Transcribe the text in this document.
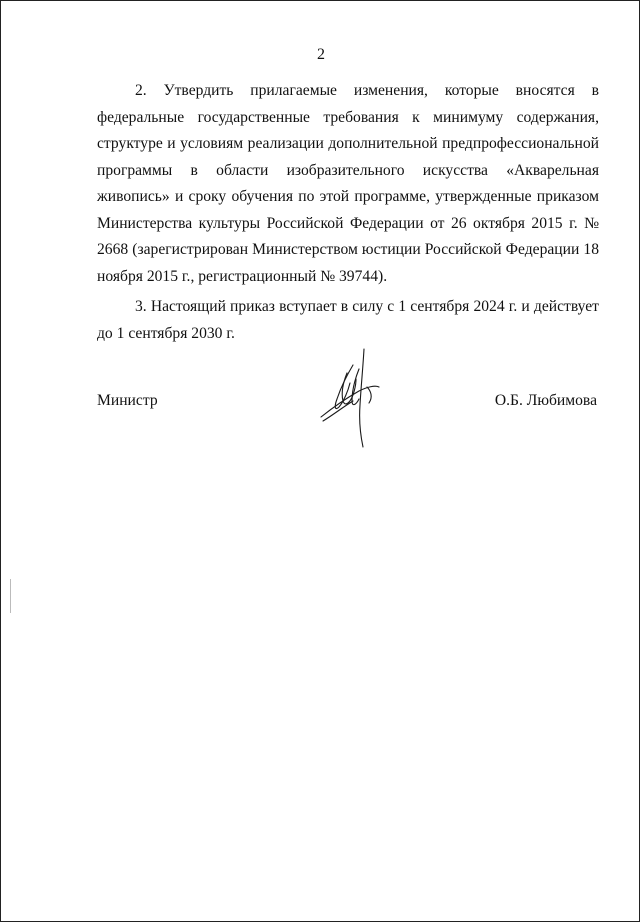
2

2. Утвердить прилагаемые изменения, которые вносятся в федеральные государственные требования к минимуму содержания, структуре и условиям реализации дополнительной предпрофессиональной программы в области изобразительного искусства «Акварельная живопись» и сроку обучения по этой программе, утвержденные приказом Министерства культуры Российской Федерации от 26 октября 2015 г. № 2668 (зарегистрирован Министерством юстиции Российской Федерации 18 ноября 2015 г., регистрационный № 39744).

3. Настоящий приказ вступает в силу с 1 сентября 2024 г. и действует до 1 сентября 2030 г.

Министр	О.Б. Любимова
